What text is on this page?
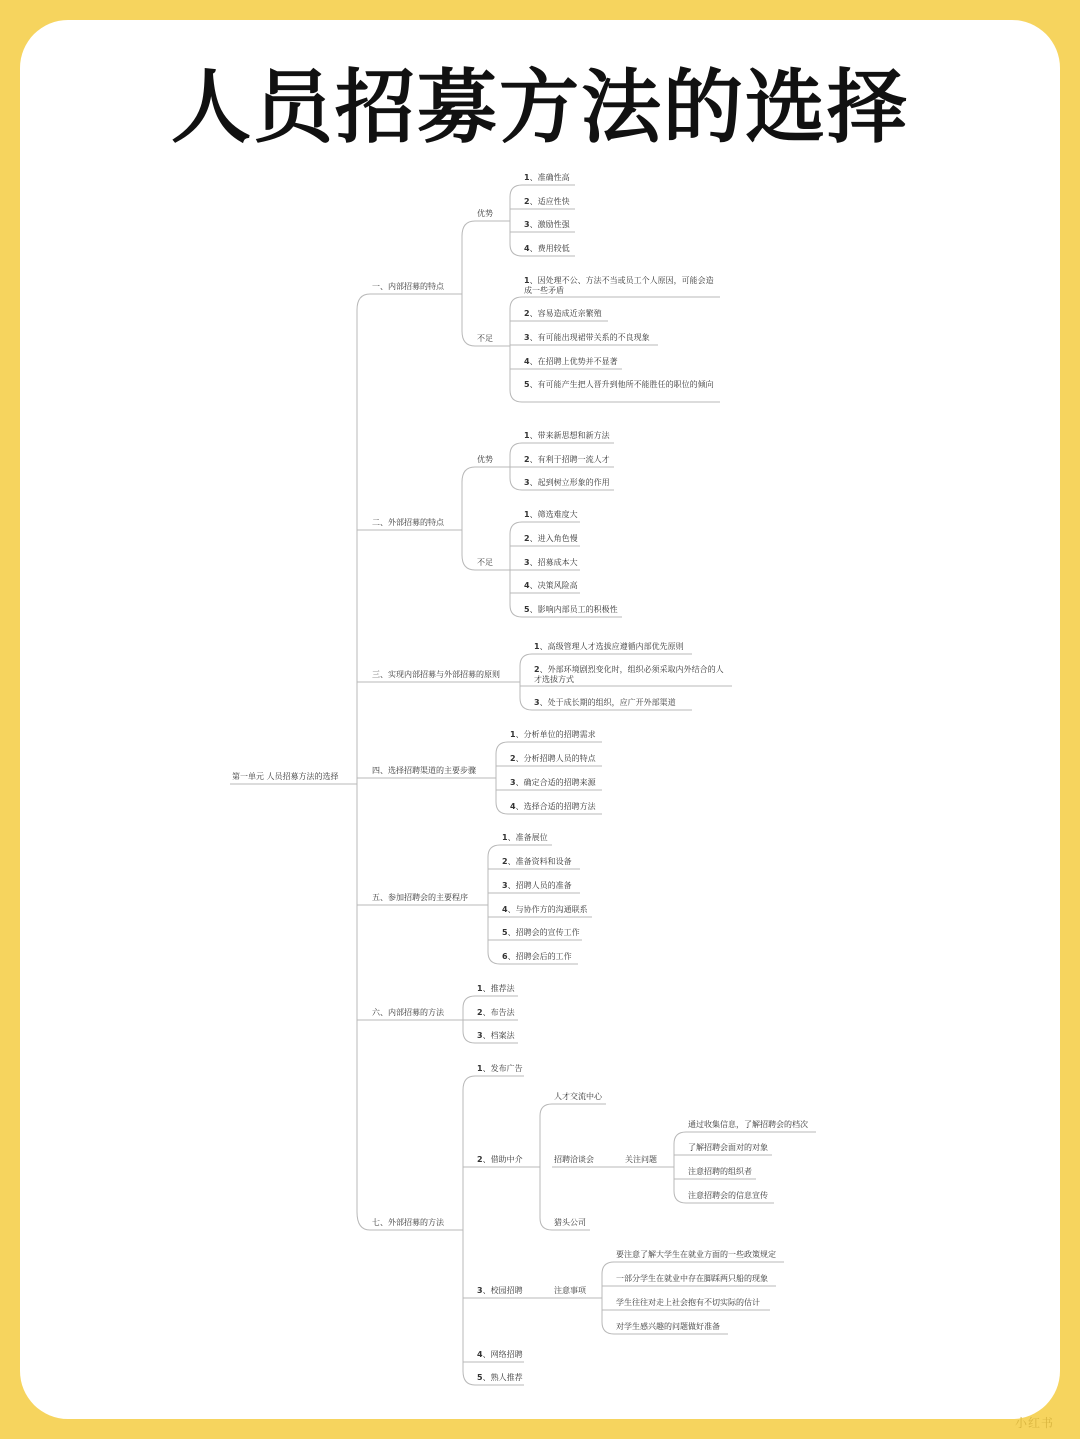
人员招募方法的选择
第一单元 人员招募方法的选择
一、内部招募的特点
优势
1、准确性高
2、适应性快
3、激励性强
4、费用较低
不足
1、因处理不公、方法不当或员工个人原因，可能会造成一些矛盾
2、容易造成近亲繁殖
3、有可能出现裙带关系的不良现象
4、在招聘上优势并不显著
5、有可能产生把人晋升到他所不能胜任的职位的倾向
二、外部招募的特点
优势
1、带来新思想和新方法
2、有利于招聘一流人才
3、起到树立形象的作用
不足
1、筛选难度大
2、进入角色慢
3、招募成本大
4、决策风险高
5、影响内部员工的积极性
三、实现内部招募与外部招募的原则
1、高级管理人才选拔应遵循内部优先原则
2、外部环境剧烈变化时，组织必须采取内外结合的人才选拔方式
3、处于成长期的组织，应广开外部渠道
四、选择招聘渠道的主要步骤
1、分析单位的招聘需求
2、分析招聘人员的特点
3、确定合适的招聘来源
4、选择合适的招聘方法
五、参加招聘会的主要程序
1、准备展位
2、准备资料和设备
3、招聘人员的准备
4、与协作方的沟通联系
5、招聘会的宣传工作
6、招聘会后的工作
六、内部招募的方法
1、推荐法
2、布告法
3、档案法
七、外部招募的方法
1、发布广告
2、借助中介
人才交流中心
招聘洽谈会	关注问题
通过收集信息，了解招聘会的档次
了解招聘会面对的对象
注意招聘的组织者
注意招聘会的信息宣传
猎头公司
3、校园招聘	注意事项
要注意了解大学生在就业方面的一些政策规定
一部分学生在就业中存在脚踩两只船的现象
学生往往对走上社会抱有不切实际的估计
对学生感兴趣的问题做好准备
4、网络招聘
5、熟人推荐
小红书
